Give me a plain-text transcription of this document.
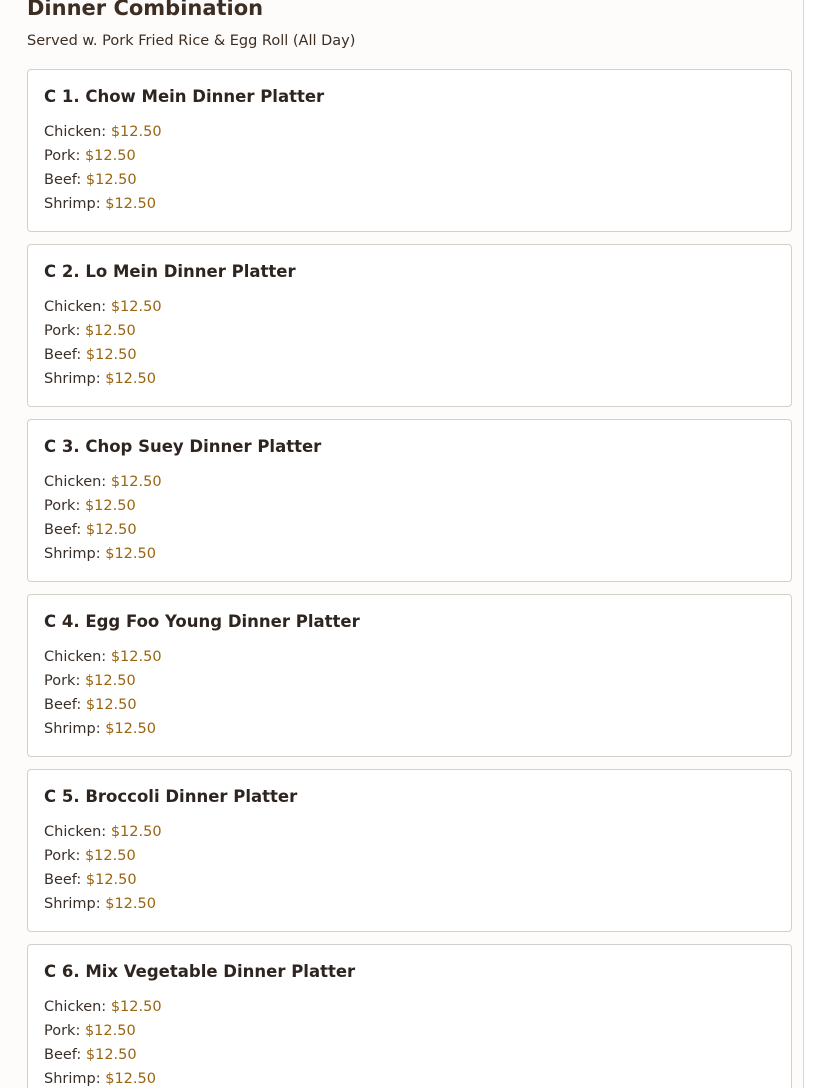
Dinner Combination

Served w. Pork Fried Rice & Egg Roll (All Day)

C 1. Chow Mein Dinner Platter
Chicken: $12.50
Pork: $12.50
Beef: $12.50
Shrimp: $12.50
C 2. Lo Mein Dinner Platter
Chicken: $12.50
Pork: $12.50
Beef: $12.50
Shrimp: $12.50
C 3. Chop Suey Dinner Platter
Chicken: $12.50
Pork: $12.50
Beef: $12.50
Shrimp: $12.50
C 4. Egg Foo Young Dinner Platter
Chicken: $12.50
Pork: $12.50
Beef: $12.50
Shrimp: $12.50
C 5. Broccoli Dinner Platter
Chicken: $12.50
Pork: $12.50
Beef: $12.50
Shrimp: $12.50
C 6. Mix Vegetable Dinner Platter
Chicken: $12.50
Pork: $12.50
Beef: $12.50
Shrimp: $12.50
